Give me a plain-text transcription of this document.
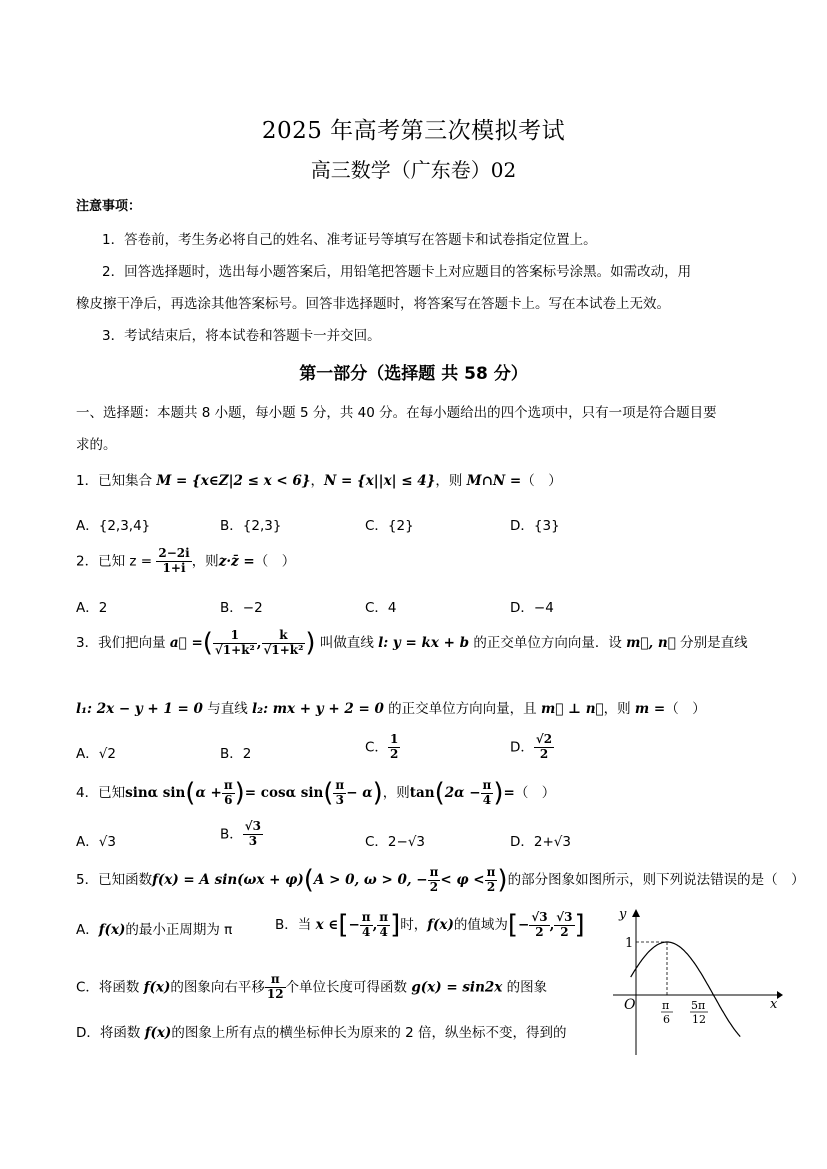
2025 年高考第三次模拟考试
高三数学（广东卷）02
注意事项：
1．答卷前，考生务必将自己的姓名、准考证号等填写在答题卡和试卷指定位置上。
2．回答选择题时，选出每小题答案后，用铅笔把答题卡上对应题目的答案标号涂黑。如需改动，用
橡皮擦干净后，再选涂其他答案标号。回答非选择题时，将答案写在答题卡上。写在本试卷上无效。
3．考试结束后，将本试卷和答题卡一并交回。
第一部分（选择题 共 58 分）
一、选择题：本题共 8 小题，每小题 5 分，共 40 分。在每小题给出的四个选项中，只有一项是符合题目要
求的。
1．已知集合 M = {x∈Z|2 ≤ x < 6}，N = {x||x| ≤ 4}，则 M∩N =（　）
A．{2,3,4}	B．{2,3}	C．{2}	D．{3}
2．已知 $z = \frac{2-2i}{1+i}$ ，则z·z̄ =（　）
A．2	B．−2	C．4	D．−4
3．我们把向量 a⃗ =( $\frac{1}{\text{√1+k²}}$ , $\frac{k}{\text{√1+k²}}$ ) 叫做直线 l: y = kx + b 的正交单位方向向量．设 m⃗, n⃗ 分别是直线
l₁: 2x − y + 1 = 0 与直线 l₂: mx + y + 2 = 0 的正交单位方向向量，且 m⃗ ⊥ n⃗，则 m =（　）
A．√2	B．2	C． $\frac{1}{2}$	D． $\frac{√2}{2}$
4．已知sinα $\sin(\alpha + \frac{\pi}{6}$ )= cosα $\sin( \frac{\pi}{3} - \alpha)$，则$\tan(2\alpha - \frac{\pi}{4}$ )=（　）
A．√3	B． $\frac{√3}{3}$	C．2−√3	D．2+√3
5．已知函数f(x) = A sin(ωx + φ)(A > 0, ω > 0, − $\frac{\pi}{2} < \varphi < \frac{\pi}{2}$ )的部分图象如图所示，则下列说法错误的是（　）
A．f(x)的最小正周期为 π	B．当 x ∈[− $\frac{\pi}{4}$ , $\frac{\pi}{4}$ ]时，f(x)的值域为[− $\frac{√3}{2}$ , $\frac{√3}{2}$ ]
C．将函数 f(x)的图象向右平移 $\frac{\pi}{12}$ 个单位长度可得函数 g(x) = sin2x 的图象
D．将函数 f(x)的图象上所有点的横坐标伸长为原来的 2 倍，纵坐标不变，得到的
y
x
O
1
π
6
5π
12
